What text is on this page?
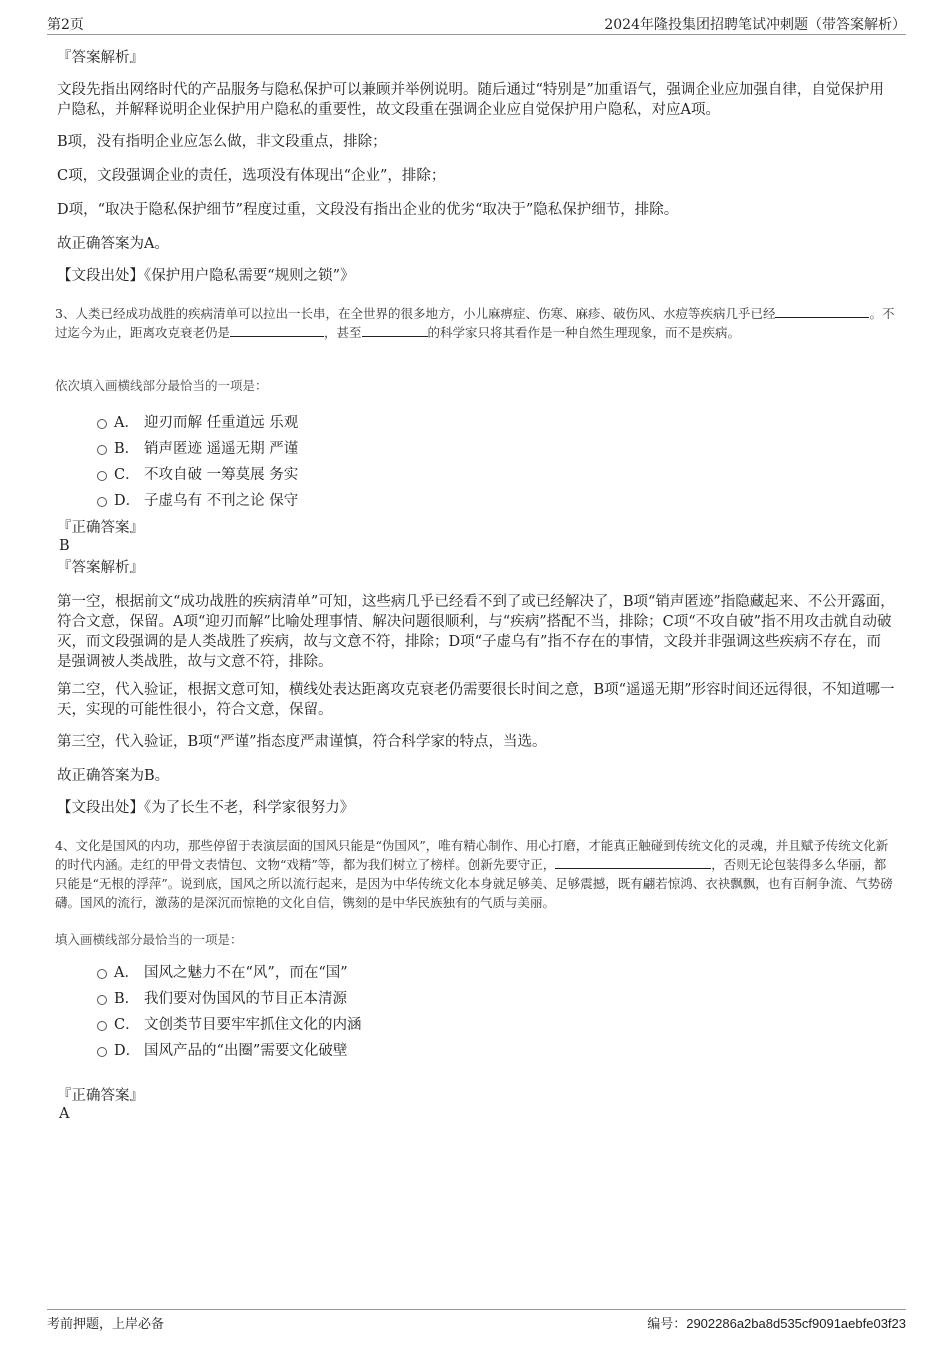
第2页	2024年隆投集团招聘笔试冲刺题（带答案解析）
『答案解析』
文段先指出网络时代的产品服务与隐私保护可以兼顾并举例说明。随后通过“特别是”加重语气，强调企业应加强自律，自觉保护用户隐私，并解释说明企业保护用户隐私的重要性，故文段重在强调企业应自觉保护用户隐私，对应A项。
B项，没有指明企业应怎么做，非文段重点，排除；
C项，文段强调企业的责任，选项没有体现出“企业”，排除；
D项，“取决于隐私保护细节”程度过重，文段没有指出企业的优劣“取决于”隐私保护细节，排除。
故正确答案为A。
【文段出处】《保护用户隐私需要“规则之锁”》
3、人类已经成功战胜的疾病清单可以拉出一长串，在全世界的很多地方，小儿麻痹症、伤寒、麻疹、破伤风、水痘等疾病几乎已经	。不过迄今为止，距离攻克衰老仍是	，甚至	的科学家只将其看作是一种自然生理现象，而不是疾病。
依次填入画横线部分最恰当的一项是：
A． 迎刃而解 任重道远 乐观
B． 销声匿迹 遥遥无期 严谨
C． 不攻自破 一筹莫展 务实
D． 子虚乌有 不刊之论 保守
『正确答案』
B
『答案解析』
第一空，根据前文“成功战胜的疾病清单”可知，这些病几乎已经看不到了或已经解决了，B项“销声匿迹”指隐藏起来、不公开露面，符合文意，保留。A项“迎刃而解”比喻处理事情、解决问题很顺利，与“疾病”搭配不当，排除；C项“不攻自破”指不用攻击就自动破灭，而文段强调的是人类战胜了疾病，故与文意不符，排除；D项“子虚乌有”指不存在的事情，文段并非强调这些疾病不存在，而是强调被人类战胜，故与文意不符，排除。
第二空，代入验证，根据文意可知，横线处表达距离攻克衰老仍需要很长时间之意，B项“遥遥无期”形容时间还远得很，不知道哪一天，实现的可能性很小，符合文意，保留。
第三空，代入验证，B项“严谨”指态度严肃谨慎，符合科学家的特点，当选。
故正确答案为B。
【文段出处】《为了长生不老，科学家很努力》
4、文化是国风的内功，那些停留于表演层面的国风只能是“伪国风”，唯有精心制作、用心打磨，才能真正触碰到传统文化的灵魂，并且赋予传统文化新的时代内涵。走红的甲骨文表情包、文物“戏精”等，都为我们树立了榜样。创新先要守正，	，否则无论包装得多么华丽，都只能是“无根的浮萍”。说到底，国风之所以流行起来，是因为中华传统文化本身就足够美、足够震撼，既有翩若惊鸿、衣袂飘飘，也有百舸争流、气势磅礴。国风的流行，激荡的是深沉而惊艳的文化自信，镌刻的是中华民族独有的气质与美丽。
填入画横线部分最恰当的一项是：
A． 国风之魅力不在“风”，而在“国”
B． 我们要对伪国风的节目正本清源
C． 文创类节目要牢牢抓住文化的内涵
D． 国风产品的“出圈”需要文化破壁
『正确答案』
A
考前押题，上岸必备	编号：2902286a2ba8d535cf9091aebfe03f23
